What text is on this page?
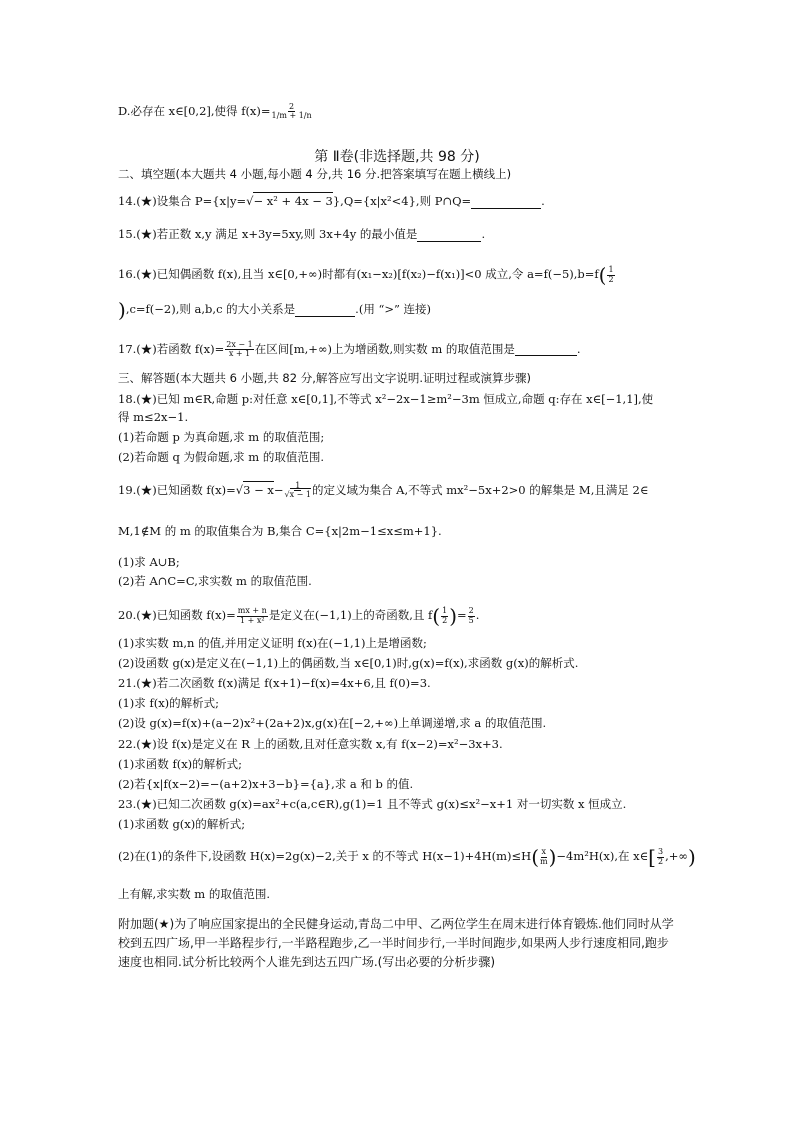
D.必存在 x∈[0,2],使得 $f(x)= \frac{2}{1/m + 1/n}$
第 Ⅱ卷(非选择题,共 98 分)
二、填空题(本大题共 4 小题,每小题 4 分,共 16 分.把答案填写在题上横线上)
14.(★)设集合 P={x|y=√− x² + 4x − 3},Q={x|x²<4},则 P∩Q=	.
15.(★)若正数 x,y 满足 x+3y=5xy,则 3x+4y 的最小值是	.
16.(★)已知偶函数 f(x),且当 x∈[0,+∞)时都有(x₁−x₂)[f(x₂)−f(x₁)]<0 成立,令 $a=f(-5),b=f( \frac{1}{2}$
),c=f(−2),则 a,b,c 的大小关系是	.(用 “>” 连接)
17.(★)若函数 $f(x)= \frac{2x - 1}{x + 1}$ 在区间[m,+∞)上为增函数,则实数 m 的取值范围是	.
三、解答题(本大题共 6 小题,共 82 分,解答应写出文字说明.证明过程或演算步骤)
18.(★)已知 m∈R,命题 p:对任意 x∈[0,1],不等式 x²−2x−1≥m²−3m 恒成立,命题 q:存在 x∈[−1,1],使
得 m≤2x−1.
(1)若命题 p 为真命题,求 m 的取值范围;
(2)若命题 q 为假命题,求 m 的取值范围.
19.(★)已知函数 $f(x)=√3 - x- \frac{1}{√x - 1}$ 的定义域为集合 A,不等式 mx²−5x+2>0 的解集是 M,且满足 2∈
M,1∉M 的 m 的取值集合为 B,集合 C={x|2m−1≤x≤m+1}.
(1)求 A∪B;
(2)若 A∩C=C,求实数 m 的取值范围.
20.(★)已知函数 $f(x)= \frac{mx + n}{\text{1 + x²}}$ 是定义在(−1,1)上的奇函数,且 $f( \frac{1}{2}$ )= $\frac{2}{5}$ .
(1)求实数 m,n 的值,并用定义证明 f(x)在(−1,1)上是增函数;
(2)设函数 g(x)是定义在(−1,1)上的偶函数,当 x∈[0,1)时,g(x)=f(x),求函数 g(x)的解析式.
21.(★)若二次函数 f(x)满足 f(x+1)−f(x)=4x+6,且 f(0)=3.
(1)求 f(x)的解析式;
(2)设 g(x)=f(x)+(a−2)x²+(2a+2)x,g(x)在[−2,+∞)上单调递增,求 a 的取值范围.
22.(★)设 f(x)是定义在 R 上的函数,且对任意实数 x,有 f(x−2)=x²−3x+3.
(1)求函数 f(x)的解析式;
(2)若{x|f(x−2)=−(a+2)x+3−b}={a},求 a 和 b 的值.
23.(★)已知二次函数 g(x)=ax²+c(a,c∈R),g(1)=1 且不等式 g(x)≤x²−x+1 对一切实数 x 恒成立.
(1)求函数 g(x)的解析式;
(2)在(1)的条件下,设函数 H(x)=2g(x)−2,关于 x 的不等式 $H(x-1)+4H(m)\le H( \frac{x}{m} )-4m^2H(x)$,在 x∈[ $\frac{3}{2}$ ,+∞)
上有解,求实数 m 的取值范围.
附加题(★)为了响应国家提出的全民健身运动,青岛二中甲、乙两位学生在周末进行体育锻炼.他们同时从学校到五四广场,甲一半路程步行,一半路程跑步,乙一半时间步行,一半时间跑步,如果两人步行速度相同,跑步速度也相同.试分析比较两个人谁先到达五四广场.(写出必要的分析步骤)
